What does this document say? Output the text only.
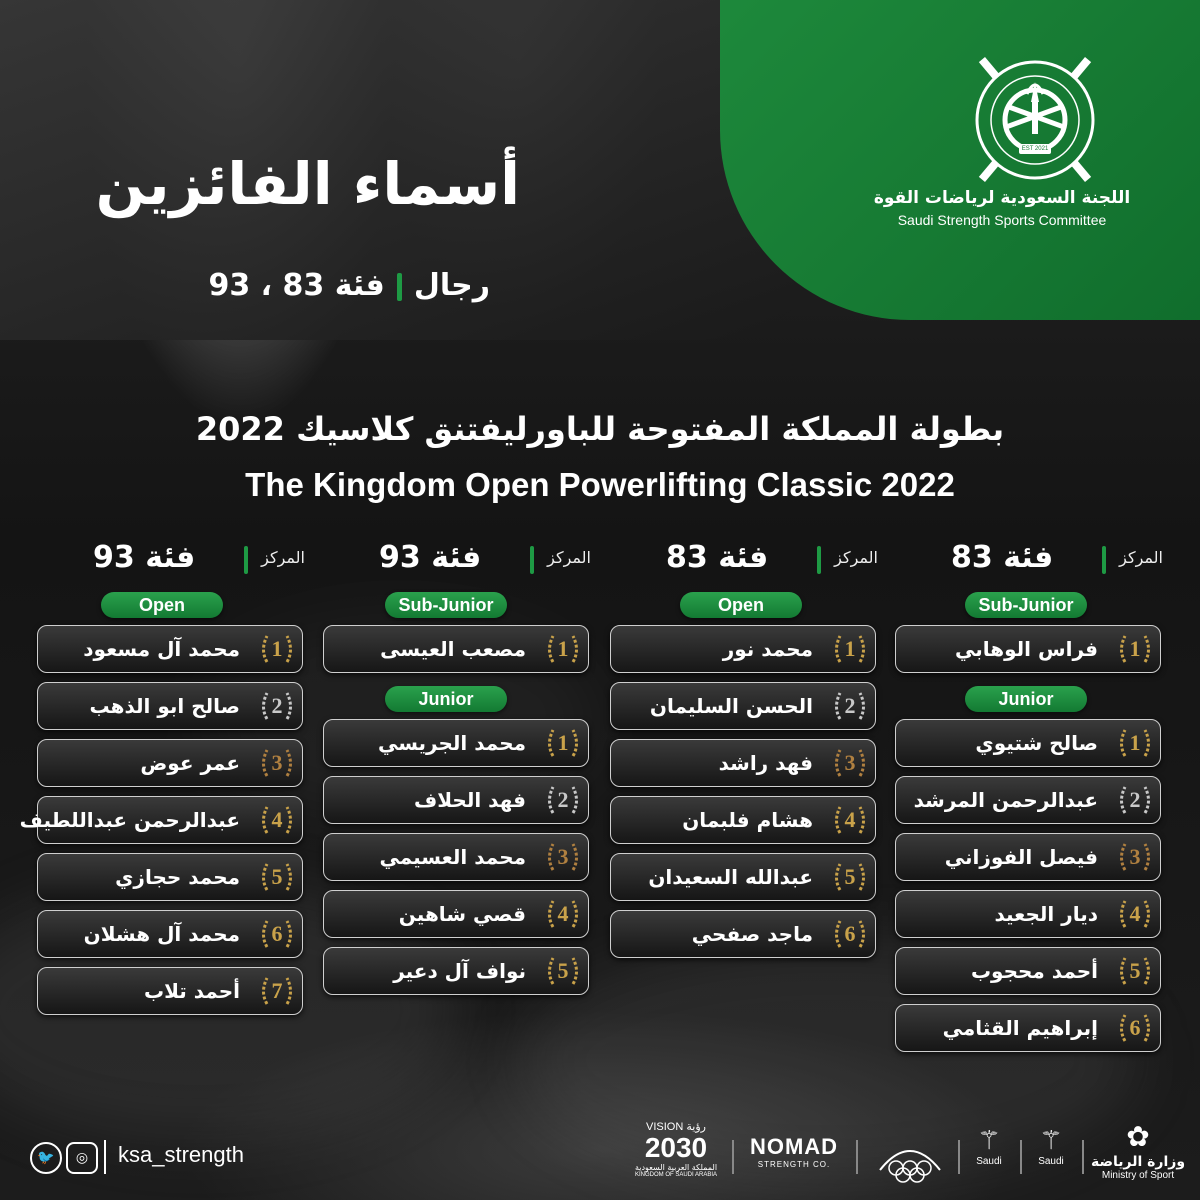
EST 2021
اللجنة السعودية لرياضات القوة
Saudi Strength Sports Committee
أسماء الفائزين
رجالفئة 83 ، 93
بطولة المملكة المفتوحة للباورليفتنق كلاسيك 2022
The Kingdom Open Powerlifting Classic 2022
فئة 83	المركز
Sub-Junior
فراس الوهابي	1
Junior
صالح شتيوي	1
عبدالرحمن المرشد	2
فيصل الفوزاني	3
ديار الجعيد	4
أحمد محجوب	5
إبراهيم القثامي	6
فئة 83	المركز
Open
محمد نور	1
الحسن السليمان	2
فهد راشد	3
هشام فلبمان	4
عبدالله السعيدان	5
ماجد صفحي	6
فئة 93	المركز
Sub-Junior
مصعب العيسى	1
Junior
محمد الجريسي	1
فهد الحلاف	2
محمد العسيمي	3
قصي شاهين	4
نواف آل دعير	5
فئة 93	المركز
Open
محمد آل مسعود	1
صالح ابو الذهب	2
عمر عوض	3
عبدالرحمن عبداللطيف	4
محمد حجازي	5
محمد آل هشلان	6
أحمد تلاب	7
🐦	◎	ksa_strength
VISION رؤية
2030
المملكة العربية السعودية
KINGDOM OF SAUDI ARABIA
NOMAD
STRENGTH CO.
⚚
Saudi
⚚
Saudi
✿
وزارة الرياضة
Ministry of Sport
